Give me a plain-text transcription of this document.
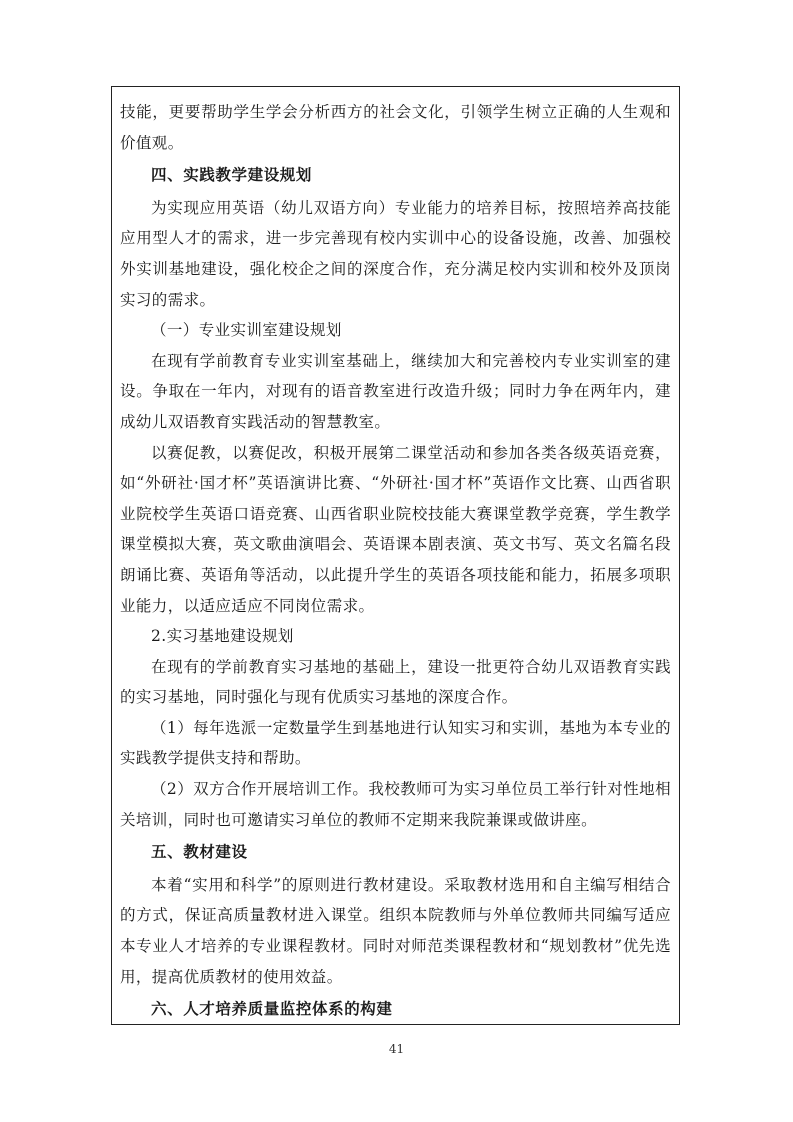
技能，更要帮助学生学会分析西方的社会文化，引领学生树立正确的人生观和价值观。

四、实践教学建设规划

为实现应用英语（幼儿双语方向）专业能力的培养目标，按照培养高技能应用型人才的需求，进一步完善现有校内实训中心的设备设施，改善、加强校外实训基地建设，强化校企之间的深度合作，充分满足校内实训和校外及顶岗实习的需求。

（一）专业实训室建设规划

在现有学前教育专业实训室基础上，继续加大和完善校内专业实训室的建设。争取在一年内，对现有的语音教室进行改造升级；同时力争在两年内，建成幼儿双语教育实践活动的智慧教室。

以赛促教，以赛促改，积极开展第二课堂活动和参加各类各级英语竞赛，如“外研社·国才杯”英语演讲比赛、“外研社·国才杯”英语作文比赛、山西省职业院校学生英语口语竞赛、山西省职业院校技能大赛课堂教学竞赛，学生教学课堂模拟大赛，英文歌曲演唱会、英语课本剧表演、英文书写、英文名篇名段朗诵比赛、英语角等活动，以此提升学生的英语各项技能和能力，拓展多项职业能力，以适应适应不同岗位需求。

2.实习基地建设规划

在现有的学前教育实习基地的基础上，建设一批更符合幼儿双语教育实践的实习基地，同时强化与现有优质实习基地的深度合作。

（1）每年选派一定数量学生到基地进行认知实习和实训，基地为本专业的实践教学提供支持和帮助。

（2）双方合作开展培训工作。我校教师可为实习单位员工举行针对性地相关培训，同时也可邀请实习单位的教师不定期来我院兼课或做讲座。

五、教材建设

本着“实用和科学”的原则进行教材建设。采取教材选用和自主编写相结合的方式，保证高质量教材进入课堂。组织本院教师与外单位教师共同编写适应本专业人才培养的专业课程教材。同时对师范类课程教材和“规划教材”优先选用，提高优质教材的使用效益。

六、人才培养质量监控体系的构建

41
